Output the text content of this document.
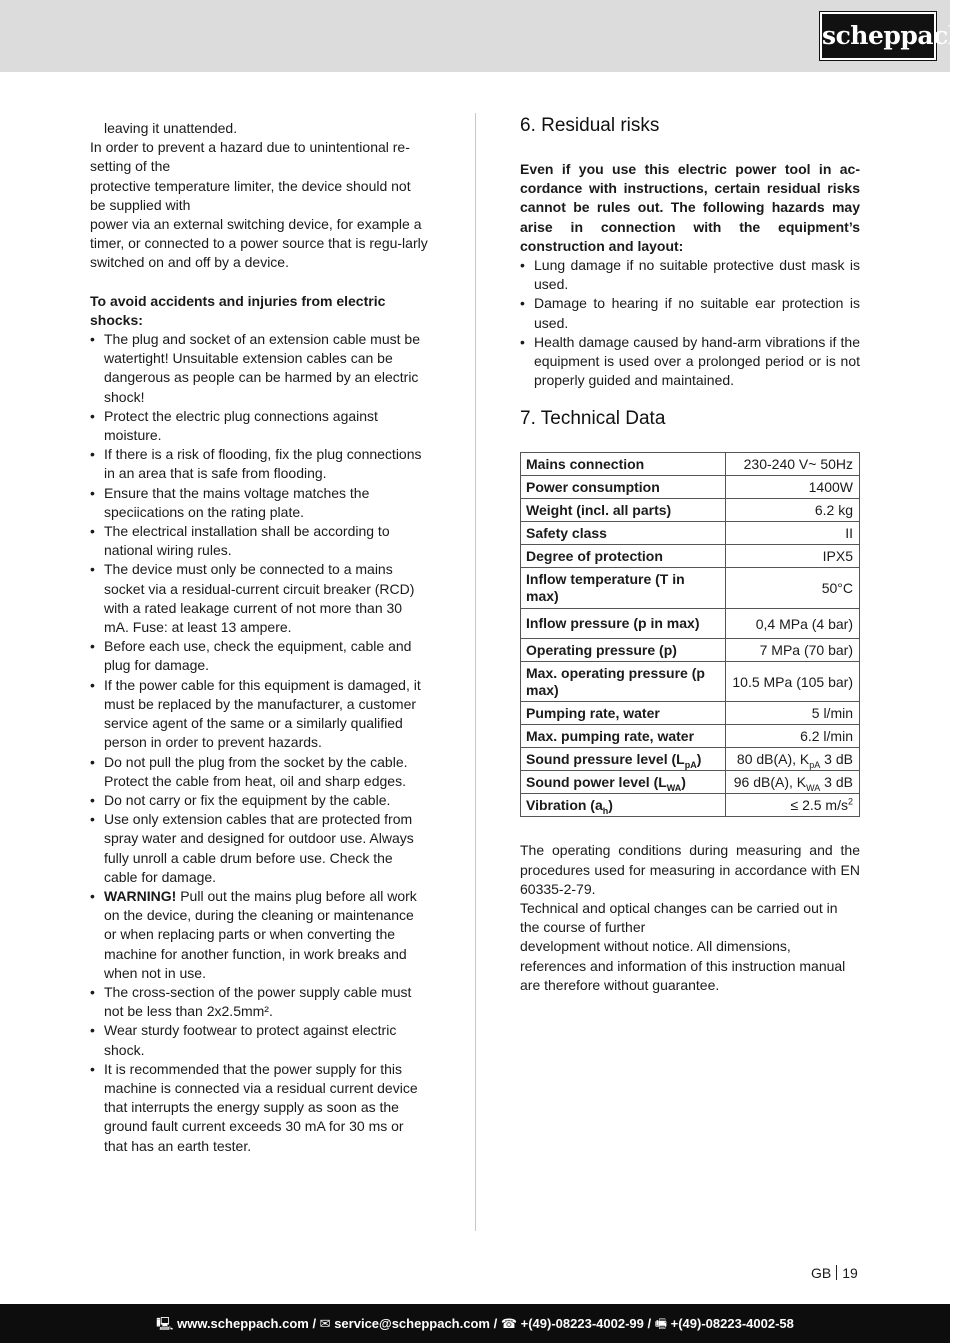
scheppach

leaving it unattended.

In order to prevent a hazard due to unintentional re-setting of the

protective temperature limiter, the device should not be supplied with

power via an external switching device, for example a timer, or connected to a power source that is regu-larly switched on and off by a device.

To avoid accidents and injuries from electric shocks:

• The plug and socket of an extension cable must be watertight! Unsuitable extension cables can be dangerous as people can be harmed by an electric shock!
• Protect the electric plug connections against moisture.
• If there is a risk of flooding, fix the plug connections in an area that is safe from flooding.
• Ensure that the mains voltage matches the speciications on the rating plate.
• The electrical installation shall be according to national wiring rules.
• The device must only be connected to a mains socket via a residual-current circuit breaker (RCD) with a rated leakage current of not more than 30 mA. Fuse: at least 13 ampere.
• Before each use, check the equipment, cable and plug for damage.
• If the power cable for this equipment is damaged, it must be replaced by the manufacturer, a customer service agent of the same or a similarly qualified person in order to prevent hazards.
• Do not pull the plug from the socket by the cable. Protect the cable from heat, oil and sharp edges.
• Do not carry or fix the equipment by the cable.
• Use only extension cables that are protected from spray water and designed for outdoor use. Always fully unroll a cable drum before use. Check the cable for damage.
• WARNING! Pull out the mains plug before all work on the device, during the cleaning or maintenance or when replacing parts or when converting the machine for another function, in work breaks and when not in use.
• The cross-section of the power supply cable must not be less than 2x2.5mm².
• Wear sturdy footwear to protect against electric shock.
• It is recommended that the power supply for this machine is connected via a residual current device that interrupts the energy supply as soon as the ground fault current exceeds 30 mA for 30 ms or that has an earth tester.
6. Residual risks

Even if you use this electric power tool in ac-cordance with instructions, certain residual risks cannot be rules out. The following hazards may arise in connection with the equipment’s construction and layout:

• Lung damage if no suitable protective dust mask is used.
• Damage to hearing if no suitable ear protection is used.
• Health damage caused by hand-arm vibrations if the equipment is used over a prolonged period or is not properly guided and maintained.
7. Technical Data
Mains connection	230-240 V~ 50Hz
Power consumption	1400W
Weight (incl. all parts)	6.2 kg
Safety class	II
Degree of protection	IPX5
Inflow temperature (T in max)	50°C
Inflow pressure (p in max)	0,4 MPa (4 bar)
Operating pressure (p)	7 MPa (70 bar)
Max. operating pressure (p max)	10.5 MPa (105 bar)
Pumping rate, water	5 l/min
Max. pumping rate, water	6.2 l/min
Sound pressure level $(L_{pA})$	80 dB(A), $K_{pA}$ 3 dB
Sound power level $(L_{WA})$	96 dB(A), $K_{WA}$ 3 dB
Vibration $(a_h)$	≤ 2.5 $m/s^2$

The operating conditions during measuring and the procedures used for measuring in accordance with EN 60335-2-79.

Technical and optical changes can be carried out in the course of further

development without notice. All dimensions, references and information of this instruction manual are therefore without guarantee.

GB 19
🖳︎ www.scheppach.com / ✉︎ service@scheppach.com / ☎ +(49)-08223-4002-99 / 🖷︎ +(49)-08223-4002-58
